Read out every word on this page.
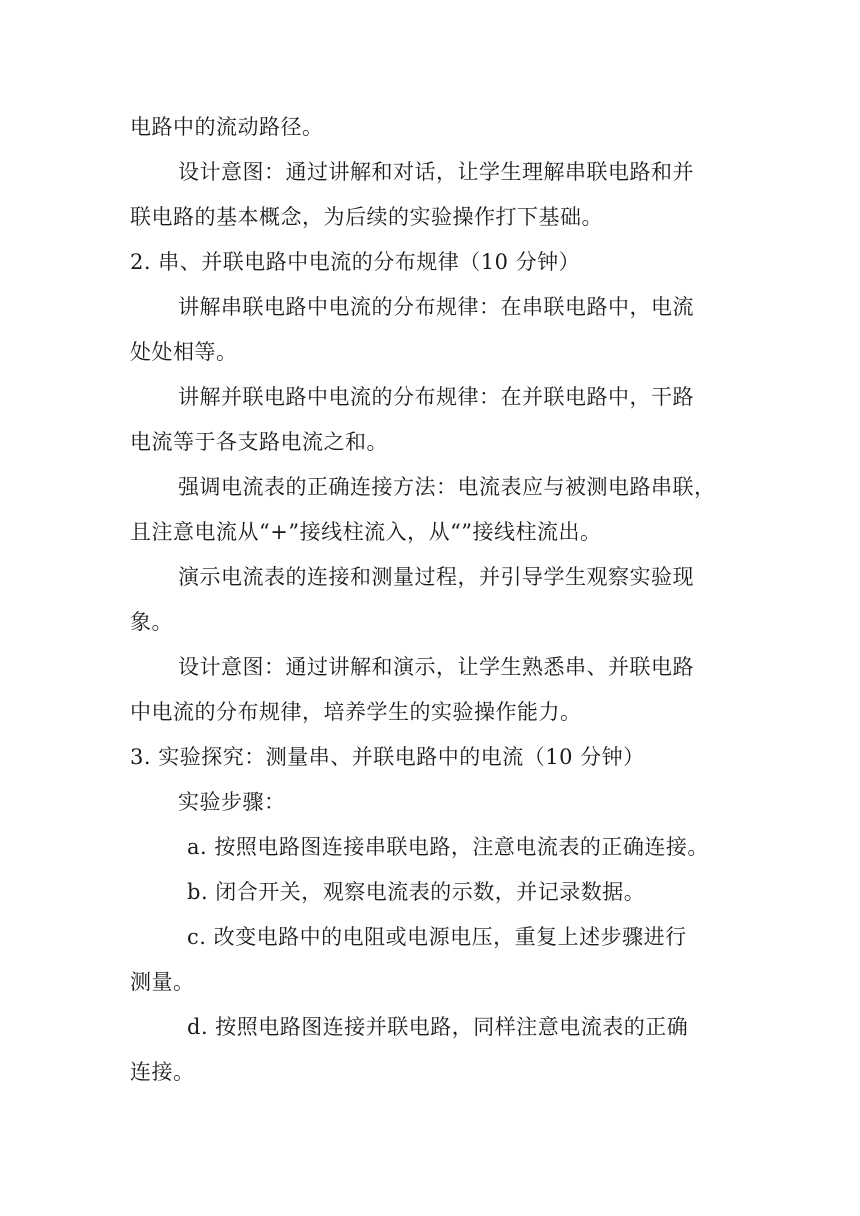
电路中的流动路径。
设计意图：通过讲解和对话，让学生理解串联电路和并
联电路的基本概念，为后续的实验操作打下基础。
2. 串、并联电路中电流的分布规律（10 分钟）
讲解串联电路中电流的分布规律：在串联电路中，电流
处处相等。
讲解并联电路中电流的分布规律：在并联电路中，干路
电流等于各支路电流之和。
强调电流表的正确连接方法：电流表应与被测电路串联，
且注意电流从“+”接线柱流入，从“”接线柱流出。
演示电流表的连接和测量过程，并引导学生观察实验现
象。
设计意图：通过讲解和演示，让学生熟悉串、并联电路
中电流的分布规律，培养学生的实验操作能力。
3. 实验探究：测量串、并联电路中的电流（10 分钟）
实验步骤：
a. 按照电路图连接串联电路，注意电流表的正确连接。
b. 闭合开关，观察电流表的示数，并记录数据。
c. 改变电路中的电阻或电源电压，重复上述步骤进行
测量。
d. 按照电路图连接并联电路，同样注意电流表的正确
连接。
